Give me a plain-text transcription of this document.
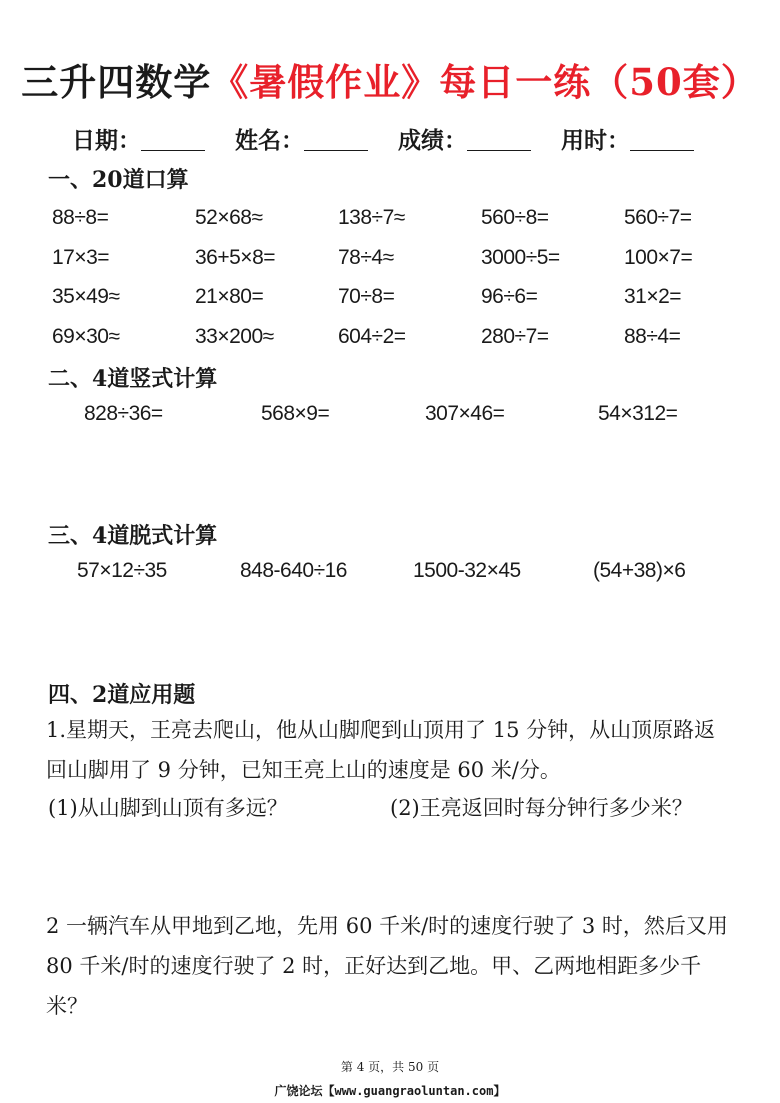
三升四数学《暑假作业》每日一练（50套）
日期：	姓名：	成绩：	用时：
一、20道口算
88÷8=	52×68≈	138÷7≈	560÷8=	560÷7=
17×3=	36+5×8=	78÷4≈	3000÷5=	100×7=
35×49≈	21×80=	70÷8=	96÷6=	31×2=
69×30≈	33×200≈	604÷2=	280÷7=	88÷4=
二、4道竖式计算
828÷36=	568×9=	307×46=	54×312=
三、4道脱式计算
57×12÷35	848-640÷16	1500-32×45	(54+38)×6
四、2道应用题
1.星期天，王亮去爬山，他从山脚爬到山顶用了 15 分钟，从山顶原路返回山脚用了 9 分钟，已知王亮上山的速度是 60 米/分。
(1)从山脚到山顶有多远？	(2)王亮返回时每分钟行多少米？
2 一辆汽车从甲地到乙地，先用 60 千米/时的速度行驶了 3 时，然后又用 80 千米/时的速度行驶了 2 时，正好达到乙地。甲、乙两地相距多少千米？
第 4 页，共 50 页
广饶论坛【www.guangraoluntan.com】
